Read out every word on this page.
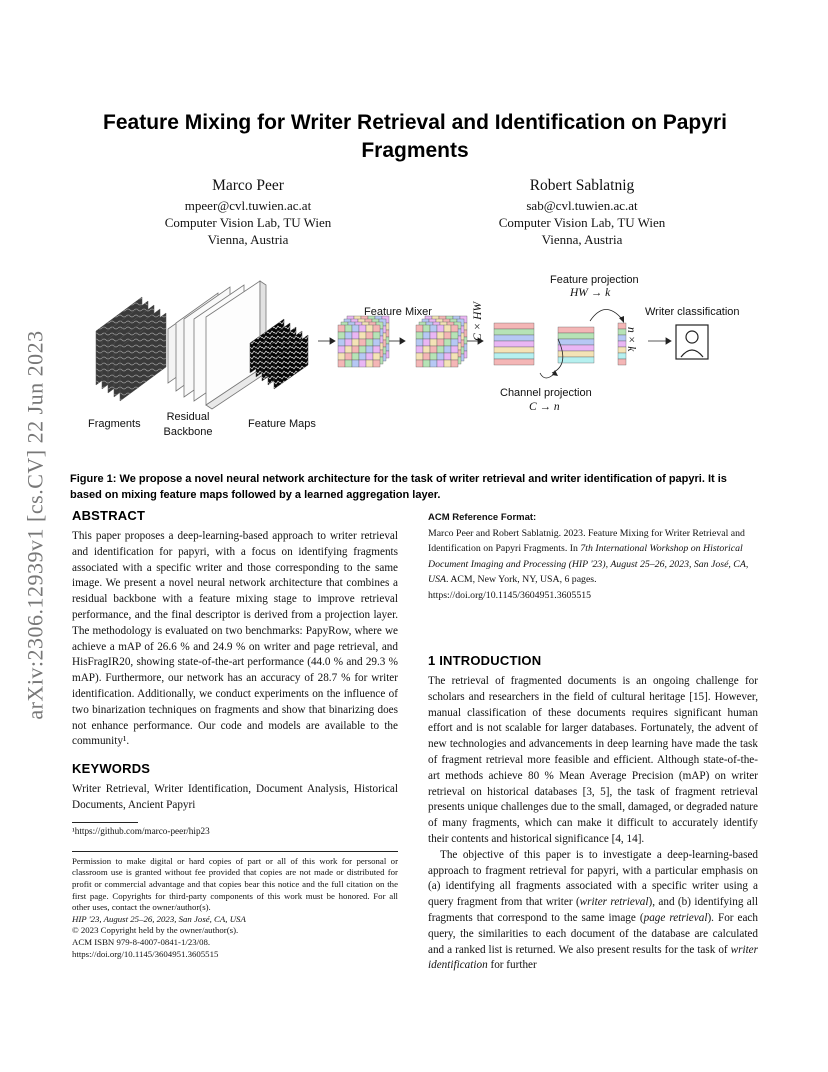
arXiv:2306.12939v1 [cs.CV] 22 Jun 2023
Feature Mixing for Writer Retrieval and Identification on Papyri Fragments
Marco Peer
mpeer@cvl.tuwien.ac.at
Computer Vision Lab, TU Wien
Vienna, Austria
Robert Sablatnig
sab@cvl.tuwien.ac.at
Computer Vision Lab, TU Wien
Vienna, Austria
Fragments
Residual
Backbone
Feature Maps
Feature Mixer
Feature projection
HW → k
Channel projection
C → n
C × HW	n × k
Writer classification
Figure 1: We propose a novel neural network architecture for the task of writer retrieval and writer identification of papyri. It is based on mixing feature maps followed by a learned aggregation layer.
ABSTRACT

This paper proposes a deep-learning-based approach to writer retrieval and identification for papyri, with a focus on identifying fragments associated with a specific writer and those corresponding to the same image. We present a novel neural network architecture that combines a residual backbone with a feature mixing stage to improve retrieval performance, and the final descriptor is derived from a projection layer. The methodology is evaluated on two benchmarks: PapyRow, where we achieve a mAP of 26.6 % and 24.9 % on writer and page retrieval, and HisFragIR20, showing state-of-the-art performance (44.0 % and 29.3 % mAP). Furthermore, our network has an accuracy of 28.7 % for writer identification. Additionally, we conduct experiments on the influence of two binarization techniques on fragments and show that binarizing does not enhance performance. Our code and models are available to the community¹.

KEYWORDS

Writer Retrieval, Writer Identification, Document Analysis, Historical Documents, Ancient Papyri

¹https://github.com/marco-peer/hip23
Permission to make digital or hard copies of part or all of this work for personal or classroom use is granted without fee provided that copies are not made or distributed for profit or commercial advantage and that copies bear this notice and the full citation on the first page. Copyrights for third-party components of this work must be honored. For all other uses, contact the owner/author(s).
HIP '23, August 25–26, 2023, San José, CA, USA
© 2023 Copyright held by the owner/author(s).
ACM ISBN 979-8-4007-0841-1/23/08.
https://doi.org/10.1145/3604951.3605515
ACM Reference Format:

Marco Peer and Robert Sablatnig. 2023. Feature Mixing for Writer Retrieval and Identification on Papyri Fragments. In 7th International Workshop on Historical Document Imaging and Processing (HIP '23), August 25–26, 2023, San José, CA, USA. ACM, New York, NY, USA, 6 pages. https://doi.org/10.1145/3604951.3605515

1 INTRODUCTION

The retrieval of fragmented documents is an ongoing challenge for scholars and researchers in the field of cultural heritage [15]. However, manual classification of these documents requires significant human effort and is not scalable for larger databases. Fortunately, the advent of new technologies and advancements in deep learning have made the task of fragment retrieval more feasible and efficient. Although state-of-the-art methods achieve 80 % Mean Average Precision (mAP) on writer retrieval on historical databases [3, 5], the task of fragment retrieval presents unique challenges due to the small, damaged, or degraded nature of many fragments, which can make it difficult to accurately identify their contents and historical significance [4, 14].

The objective of this paper is to investigate a deep-learning-based approach to fragment retrieval for papyri, with a particular emphasis on (a) identifying all fragments associated with a specific writer using a query fragment from that writer (writer retrieval), and (b) identifying all fragments that correspond to the same image (page retrieval). For each query, the similarities to each document of the database are calculated and a ranked list is returned. We also present results for the task of writer identification for further
